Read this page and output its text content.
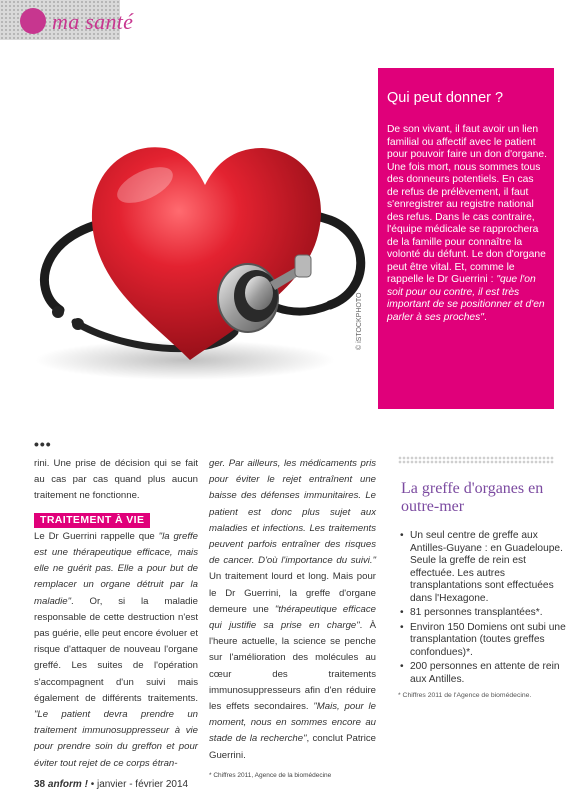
ma santé
© iSTOCKPHOTO
Qui peut donner ?
De son vivant, il faut avoir un lien familial ou affectif avec le patient pour pouvoir faire un don d'organe. Une fois mort, nous sommes tous des donneurs potentiels. En cas de refus de prélèvement, il faut s'enregistrer au registre national des refus. Dans le cas contraire, l'équipe médicale se rapprochera de la famille pour connaître la volonté du défunt. Le don d'organe peut être vital. Et, comme le rappelle le Dr Guerrini : "que l'on soit pour ou contre, il est très important de se positionner et d'en parler à ses proches".
•••

rini. Une prise de décision qui se fait au cas par cas quand plus aucun traitement ne fonctionne.

TRAITEMENT À VIE

Le Dr Guerrini rappelle que "la greffe est une thérapeutique efficace, mais elle ne guérit pas. Elle a pour but de remplacer un organe détruit par la maladie". Or, si la maladie responsable de cette destruction n'est pas guérie, elle peut encore évoluer et risque d'attaquer de nouveau l'organe greffé. Les suites de l'opération s'accompagnent d'un suivi mais également de différents traitements. "Le patient devra prendre un traitement immunosuppresseur à vie pour prendre soin du greffon et pour éviter tout rejet de ce corps étran-

ger. Par ailleurs, les médicaments pris pour éviter le rejet entraînent une baisse des défenses immunitaires. Le patient est donc plus sujet aux maladies et infections. Les traitements peuvent parfois entraîner des risques de cancer. D'où l'importance du suivi." Un traitement lourd et long. Mais pour le Dr Guerrini, la greffe d'organe demeure une "thérapeutique efficace qui justifie sa prise en charge". À l'heure actuelle, la science se penche sur l'amélioration des molécules au cœur des traitements immunosuppresseurs afin d'en réduire les effets secondaires. "Mais, pour le moment, nous en sommes encore au stade de la recherche", conclut Patrice Guerrini.

* Chiffres 2011, Agence de la biomédecine
La greffe d'organes en outre-mer
• Un seul centre de greffe aux Antilles-Guyane : en Guadeloupe. Seule la greffe de rein est effectuée. Les autres transplantations sont effectuées dans l'Hexagone.
• 81 personnes transplantées*.
• Environ 150 Domiens ont subi une transplantation (toutes greffes confondues)*.
• 200 personnes en attente de rein aux Antilles.
* Chiffres 2011 de l'Agence de biomédecine.
38 anform ! • janvier - février 2014
